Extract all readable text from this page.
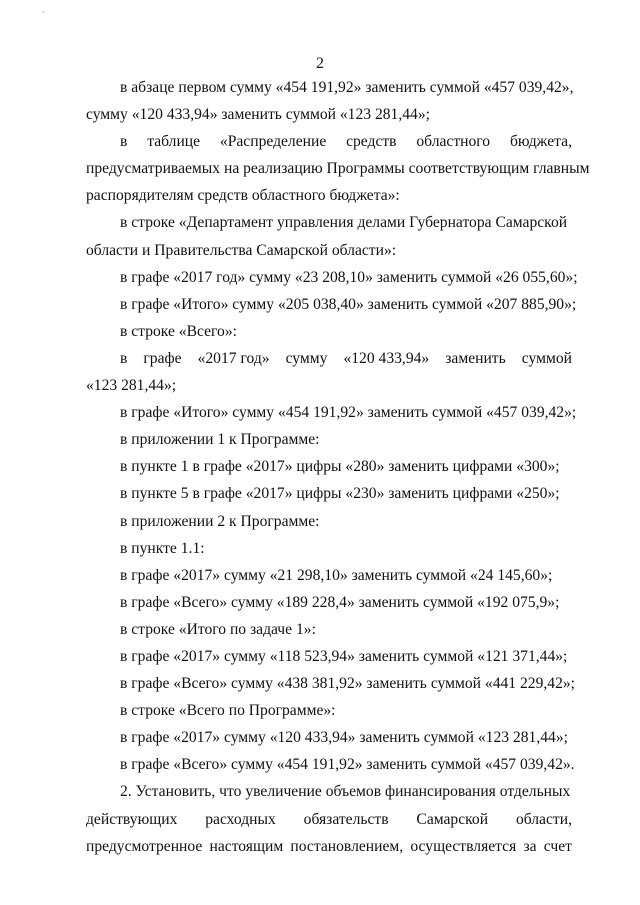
`
2
в абзаце первом сумму «454 191,92» заменить суммой «457 039,42»,
сумму «120 433,94» заменить суммой «123 281,44»;
в таблице «Распределение средств областного бюджета,
предусматриваемых на реализацию Программы соответствующим главным
распорядителям средств областного бюджета»:
в строке «Департамент управления делами Губернатора Самарской
области и Правительства Самарской области»:
в графе «2017 год» сумму «23 208,10» заменить суммой «26 055,60»;
в графе «Итого» сумму «205 038,40» заменить суммой «207 885,90»;
в строке «Всего»:
в графе «2017 год» сумму «120 433,94» заменить суммой
«123 281,44»;
в графе «Итого» сумму «454 191,92» заменить суммой «457 039,42»;
в приложении 1 к Программе:
в пункте 1 в графе «2017» цифры «280» заменить цифрами «300»;
в пункте 5 в графе «2017» цифры «230» заменить цифрами «250»;
в приложении 2 к Программе:
в пункте 1.1:
в графе «2017» сумму «21 298,10» заменить суммой «24 145,60»;
в графе «Всего» сумму «189 228,4» заменить суммой «192 075,9»;
в строке «Итого по задаче 1»:
в графе «2017» сумму «118 523,94» заменить суммой «121 371,44»;
в графе «Всего» сумму «438 381,92» заменить суммой «441 229,42»;
в строке «Всего по Программе»:
в графе «2017» сумму «120 433,94» заменить суммой «123 281,44»;
в графе «Всего» сумму «454 191,92» заменить суммой «457 039,42».
2. Установить, что увеличение объемов финансирования отдельных
действующих расходных обязательств Самарской области,
предусмотренное настоящим постановлением, осуществляется за счет
